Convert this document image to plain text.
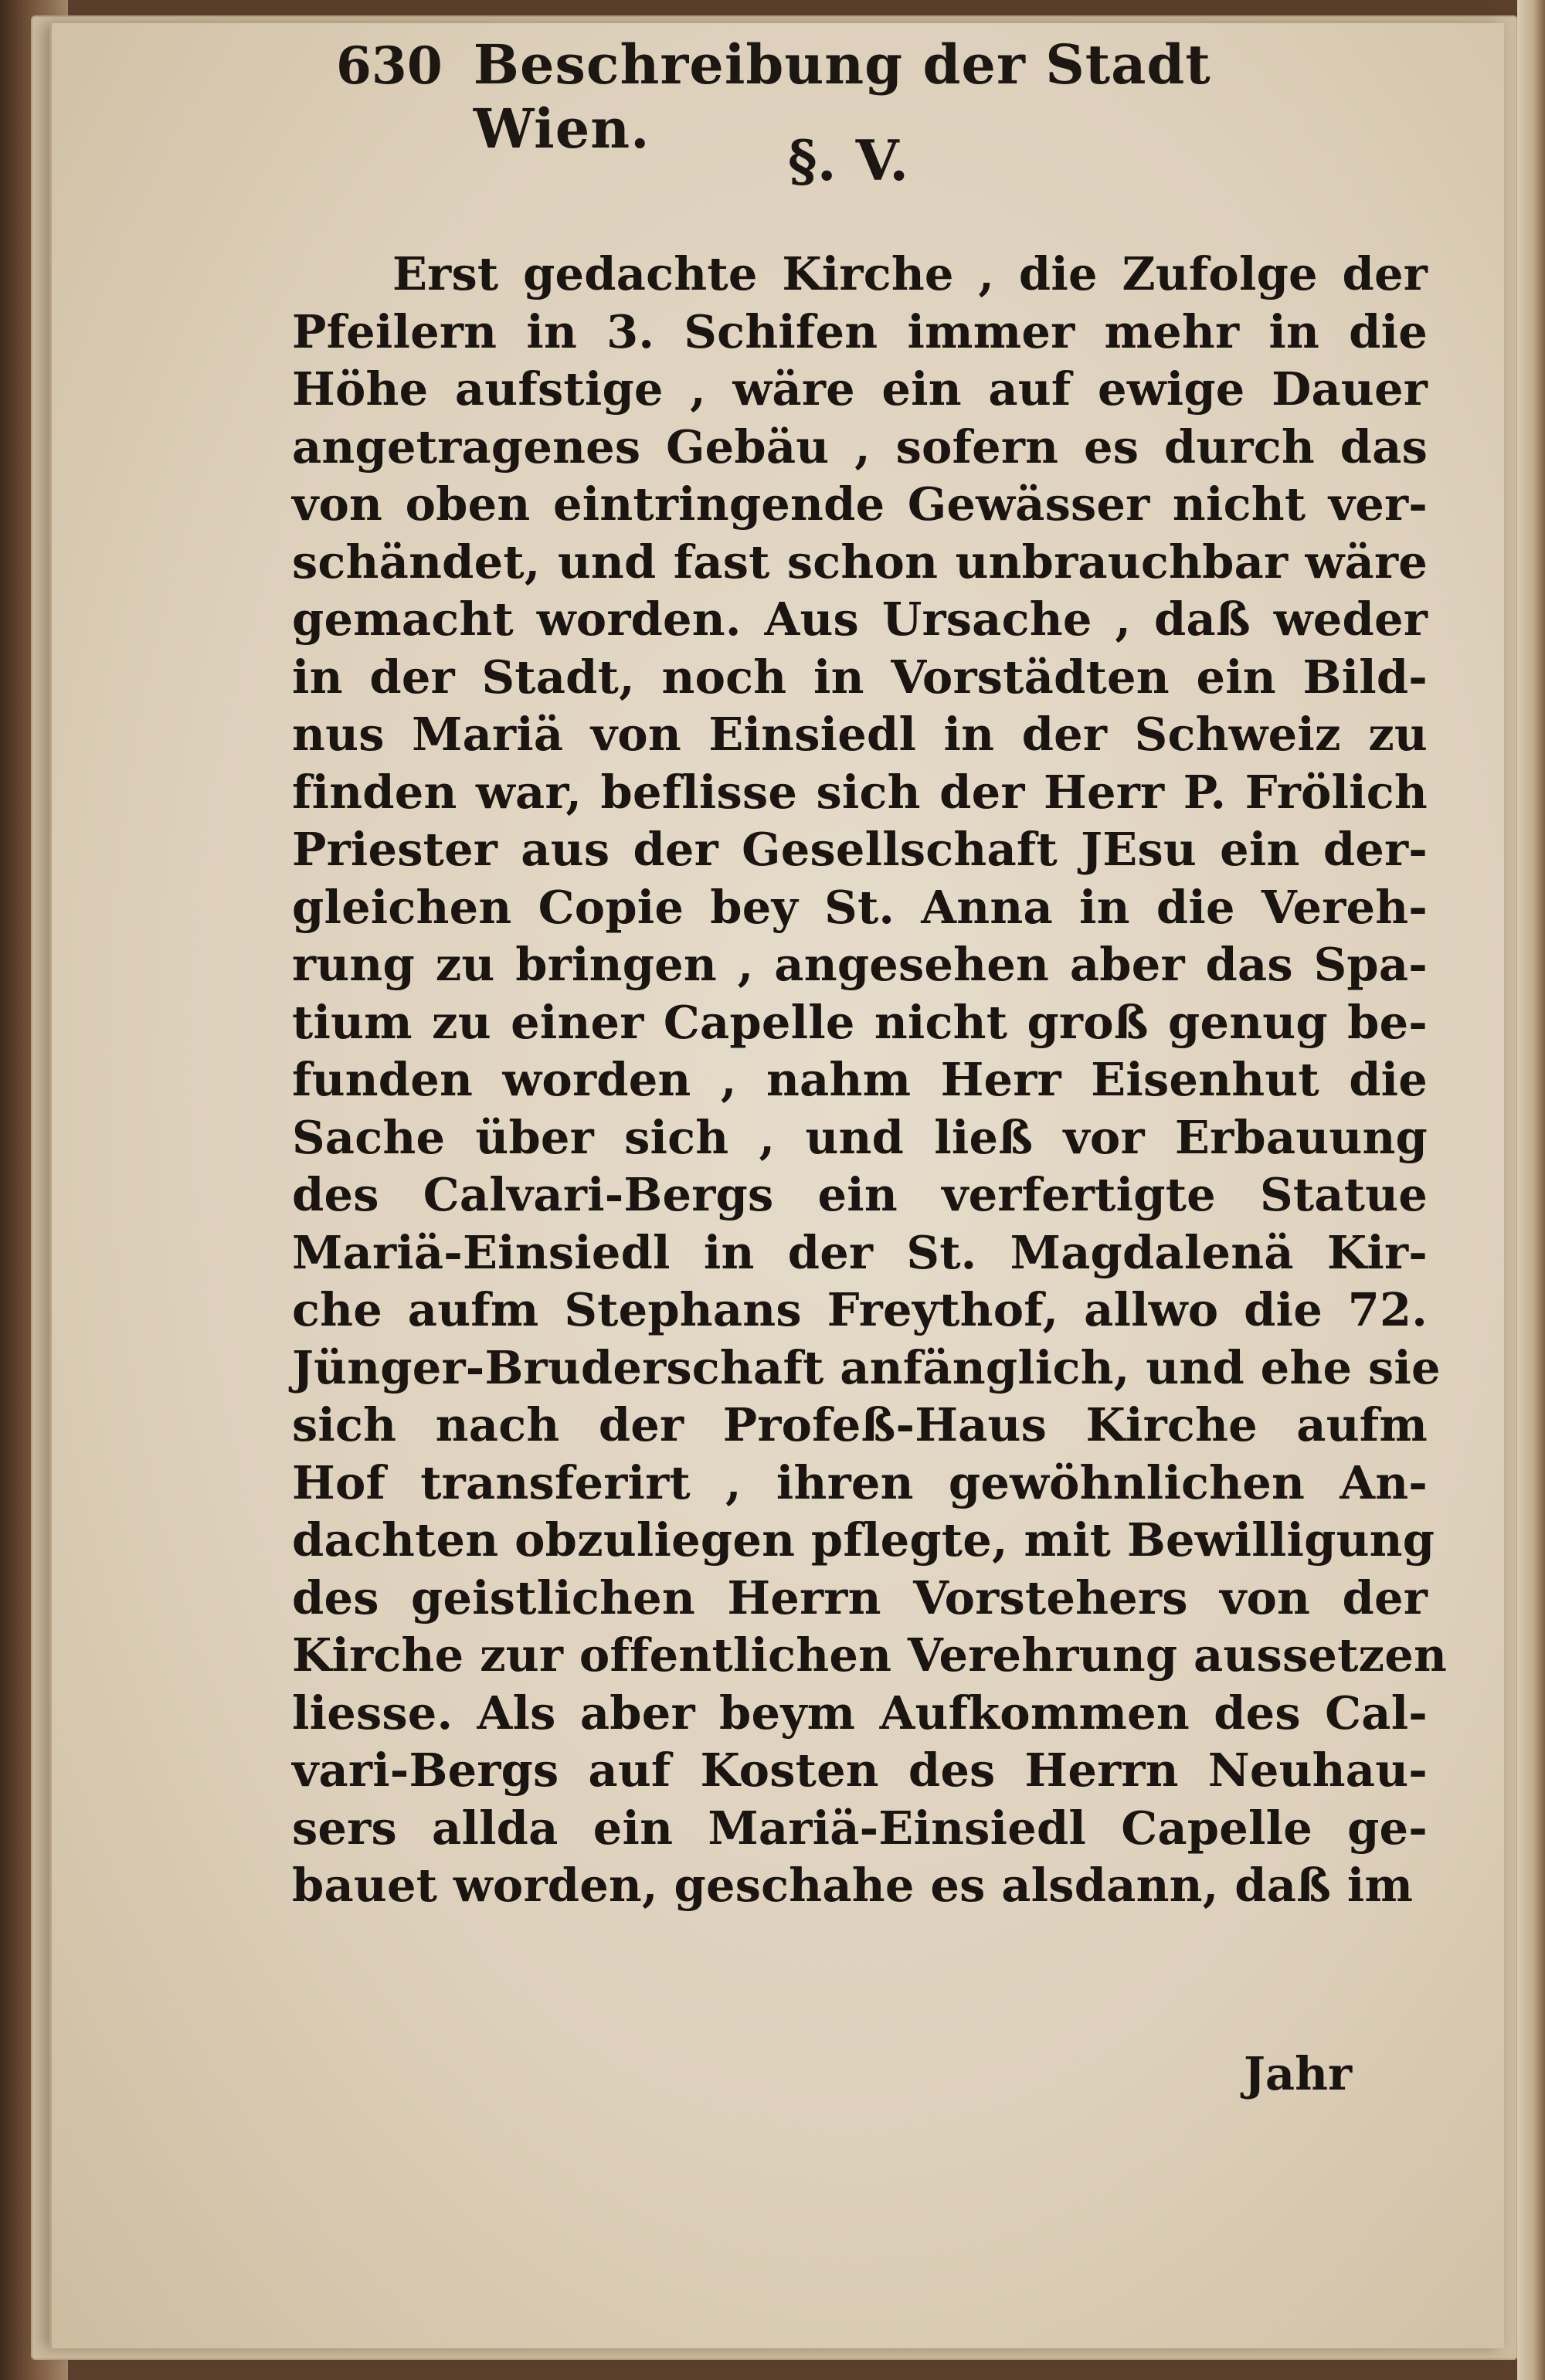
630 Beschreibung der Stadt Wien.	§. V.
Erst gedachte Kirche , die Zufolge der
Pfeilern in 3. Schifen immer mehr in die
Höhe aufstige , wäre ein auf ewige Dauer
angetragenes Gebäu , sofern es durch das
von oben eintringende Gewässer nicht ver-
schändet, und fast schon unbrauchbar wäre
gemacht worden. Aus Ursache , daß weder
in der Stadt, noch in Vorstädten ein Bild-
nus Mariä von Einsiedl in der Schweiz zu
finden war, beflisse sich der Herr P. Frölich
Priester aus der Gesellschaft JEsu ein der-
gleichen Copie bey St. Anna in die Vereh-
rung zu bringen , angesehen aber das Spa-
tium zu einer Capelle nicht groß genug be-
funden worden , nahm Herr Eisenhut die
Sache über sich , und ließ vor Erbauung
des Calvari-Bergs ein verfertigte Statue
Mariä-Einsiedl in der St. Magdalenä Kir-
che aufm Stephans Freythof, allwo die 72.
Jünger-Bruderschaft anfänglich, und ehe sie
sich nach der Profeß-Haus Kirche aufm
Hof transferirt , ihren gewöhnlichen An-
dachten obzuliegen pflegte, mit Bewilligung
des geistlichen Herrn Vorstehers von der
Kirche zur offentlichen Verehrung aussetzen
liesse. Als aber beym Aufkommen des Cal-
vari-Bergs auf Kosten des Herrn Neuhau-
sers allda ein Mariä-Einsiedl Capelle ge-
bauet worden, geschahe es alsdann, daß im
Jahr
